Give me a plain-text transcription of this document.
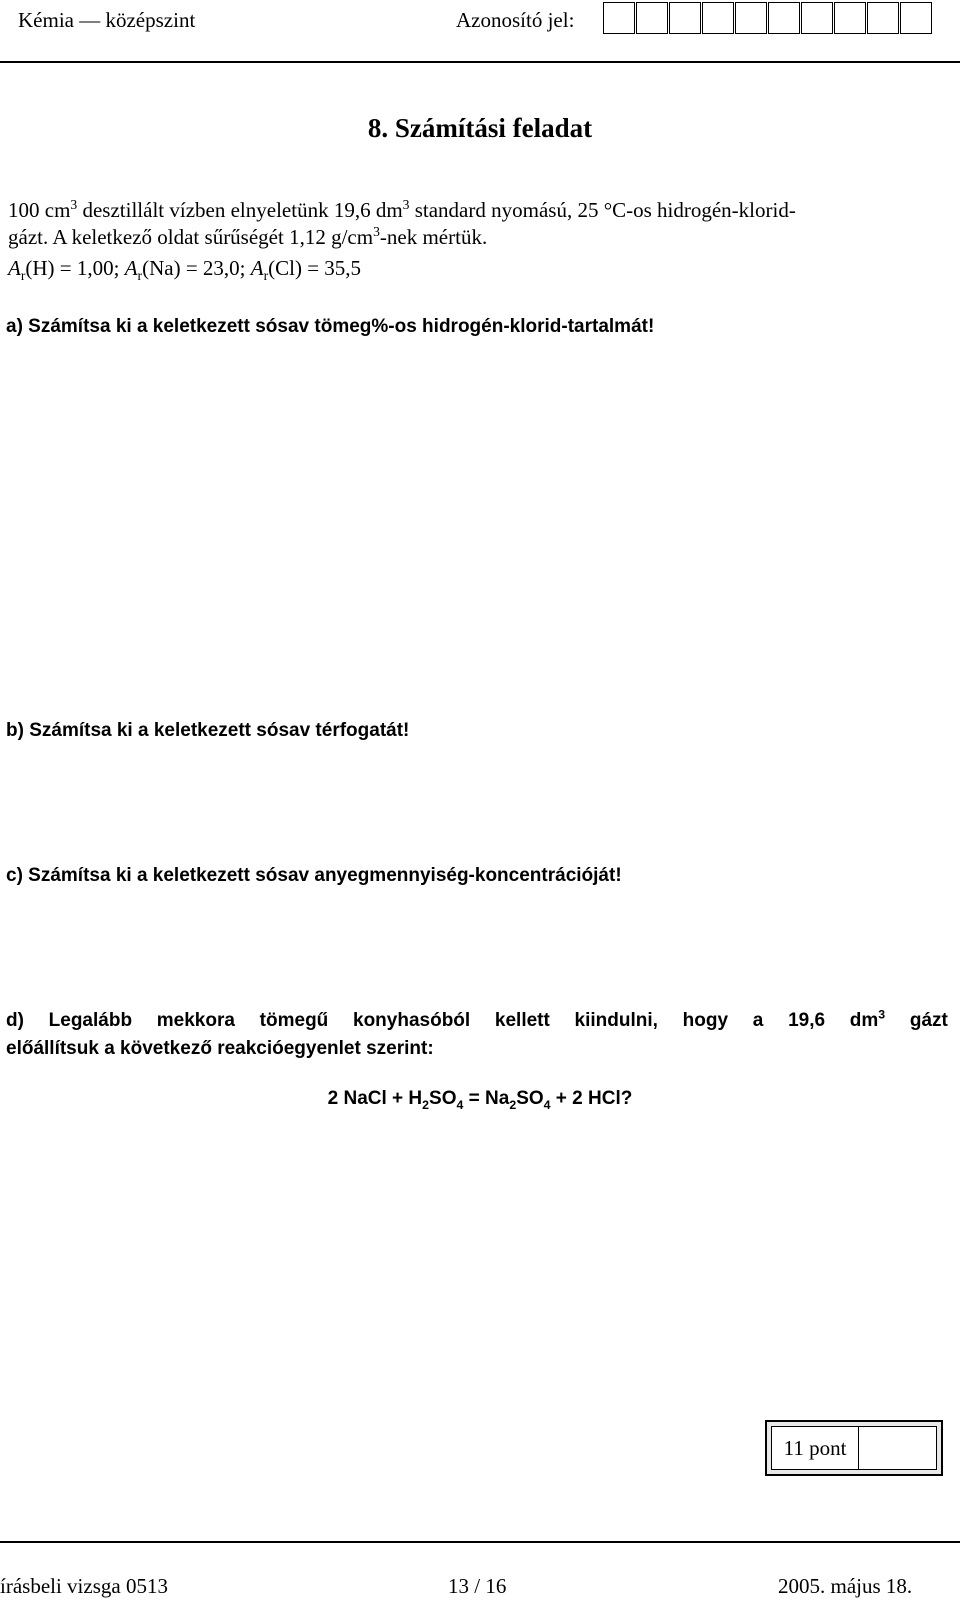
Kémia — középszint	Azonosító jel:
8. Számítási feladat
100 $cm^3$ desztillált vízben elnyeletünk 19,6 $dm^3$ standard nyomású, 25 °C-os hidrogén-klorid-
gázt. A keletkező oldat sűrűségét 1,12 $g/cm^3$-nek mértük.
$A_r(H) = 1,00$; $A_r(Na) = 23,0$; $A_r(Cl) = 35,5$
a) Számítsa ki a keletkezett sósav tömeg%-os hidrogén-klorid-tartalmát!
b) Számítsa ki a keletkezett sósav térfogatát!
c) Számítsa ki a keletkezett sósav anyegmennyiség-koncentrációját!
d) Legalább mekkora tömegű konyhasóból kellett kiindulni, hogy a 19,6 $dm^3$ gázt
előállítsuk a következő reakcióegyenlet szerint:
2 NaCl + $H_2SO_4 = Na_2SO_4 + 2$ HCl?
11 pont
írásbeli vizsga 0513	13 / 16	2005. május 18.
